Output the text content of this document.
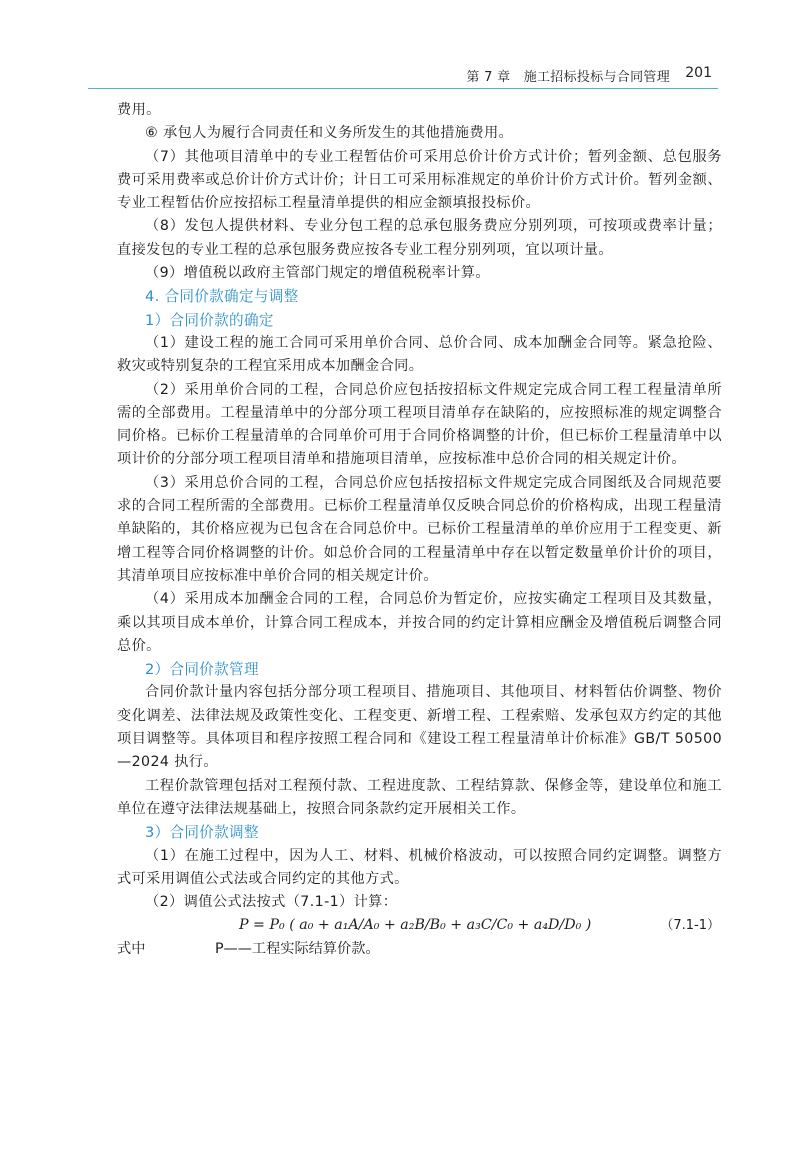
第 7 章　施工招标投标与合同管理 201

费用。

⑥ 承包人为履行合同责任和义务所发生的其他措施费用。

（7）其他项目清单中的专业工程暂估价可采用总价计价方式计价；暂列金额、总包服务费可采用费率或总价计价方式计价；计日工可采用标准规定的单价计价方式计价。暂列金额、专业工程暂估价应按招标工程量清单提供的相应金额填报投标价。

（8）发包人提供材料、专业分包工程的总承包服务费应分别列项，可按项或费率计量；直接发包的专业工程的总承包服务费应按各专业工程分别列项，宜以项计量。

（9）增值税以政府主管部门规定的增值税税率计算。

4. 合同价款确定与调整

1）合同价款的确定

（1）建设工程的施工合同可采用单价合同、总价合同、成本加酬金合同等。紧急抢险、救灾或特别复杂的工程宜采用成本加酬金合同。

（2）采用单价合同的工程，合同总价应包括按招标文件规定完成合同工程工程量清单所需的全部费用。工程量清单中的分部分项工程项目清单存在缺陷的，应按照标准的规定调整合同价格。已标价工程量清单的合同单价可用于合同价格调整的计价，但已标价工程量清单中以项计价的分部分项工程项目清单和措施项目清单，应按标准中总价合同的相关规定计价。

（3）采用总价合同的工程，合同总价应包括按招标文件规定完成合同图纸及合同规范要求的合同工程所需的全部费用。已标价工程量清单仅反映合同总价的价格构成，出现工程量清单缺陷的，其价格应视为已包含在合同总价中。已标价工程量清单的单价应用于工程变更、新增工程等合同价格调整的计价。如总价合同的工程量清单中存在以暂定数量单价计价的项目，其清单项目应按标准中单价合同的相关规定计价。

（4）采用成本加酬金合同的工程，合同总价为暂定价，应按实确定工程项目及其数量，乘以其项目成本单价，计算合同工程成本，并按合同的约定计算相应酬金及增值税后调整合同总价。

2）合同价款管理

合同价款计量内容包括分部分项工程项目、措施项目、其他项目、材料暂估价调整、物价变化调差、法律法规及政策性变化、工程变更、新增工程、工程索赔、发承包双方约定的其他项目调整等。具体项目和程序按照工程合同和《建设工程工程量清单计价标准》GB/T 50500—2024 执行。

工程价款管理包括对工程预付款、工程进度款、工程结算款、保修金等，建设单位和施工单位在遵守法律法规基础上，按照合同条款约定开展相关工作。

3）合同价款调整

（1）在施工过程中，因为人工、材料、机械价格波动，可以按照合同约定调整。调整方式可采用调值公式法或合同约定的其他方式。

（2）调值公式法按式（7.1-1）计算：

P = P₀ ( a₀ + a₁A/A₀ + a₂B/B₀ + a₃C/C₀ + a₄D/D₀ )	（7.1-1）
式中	P——工程实际结算价款。
